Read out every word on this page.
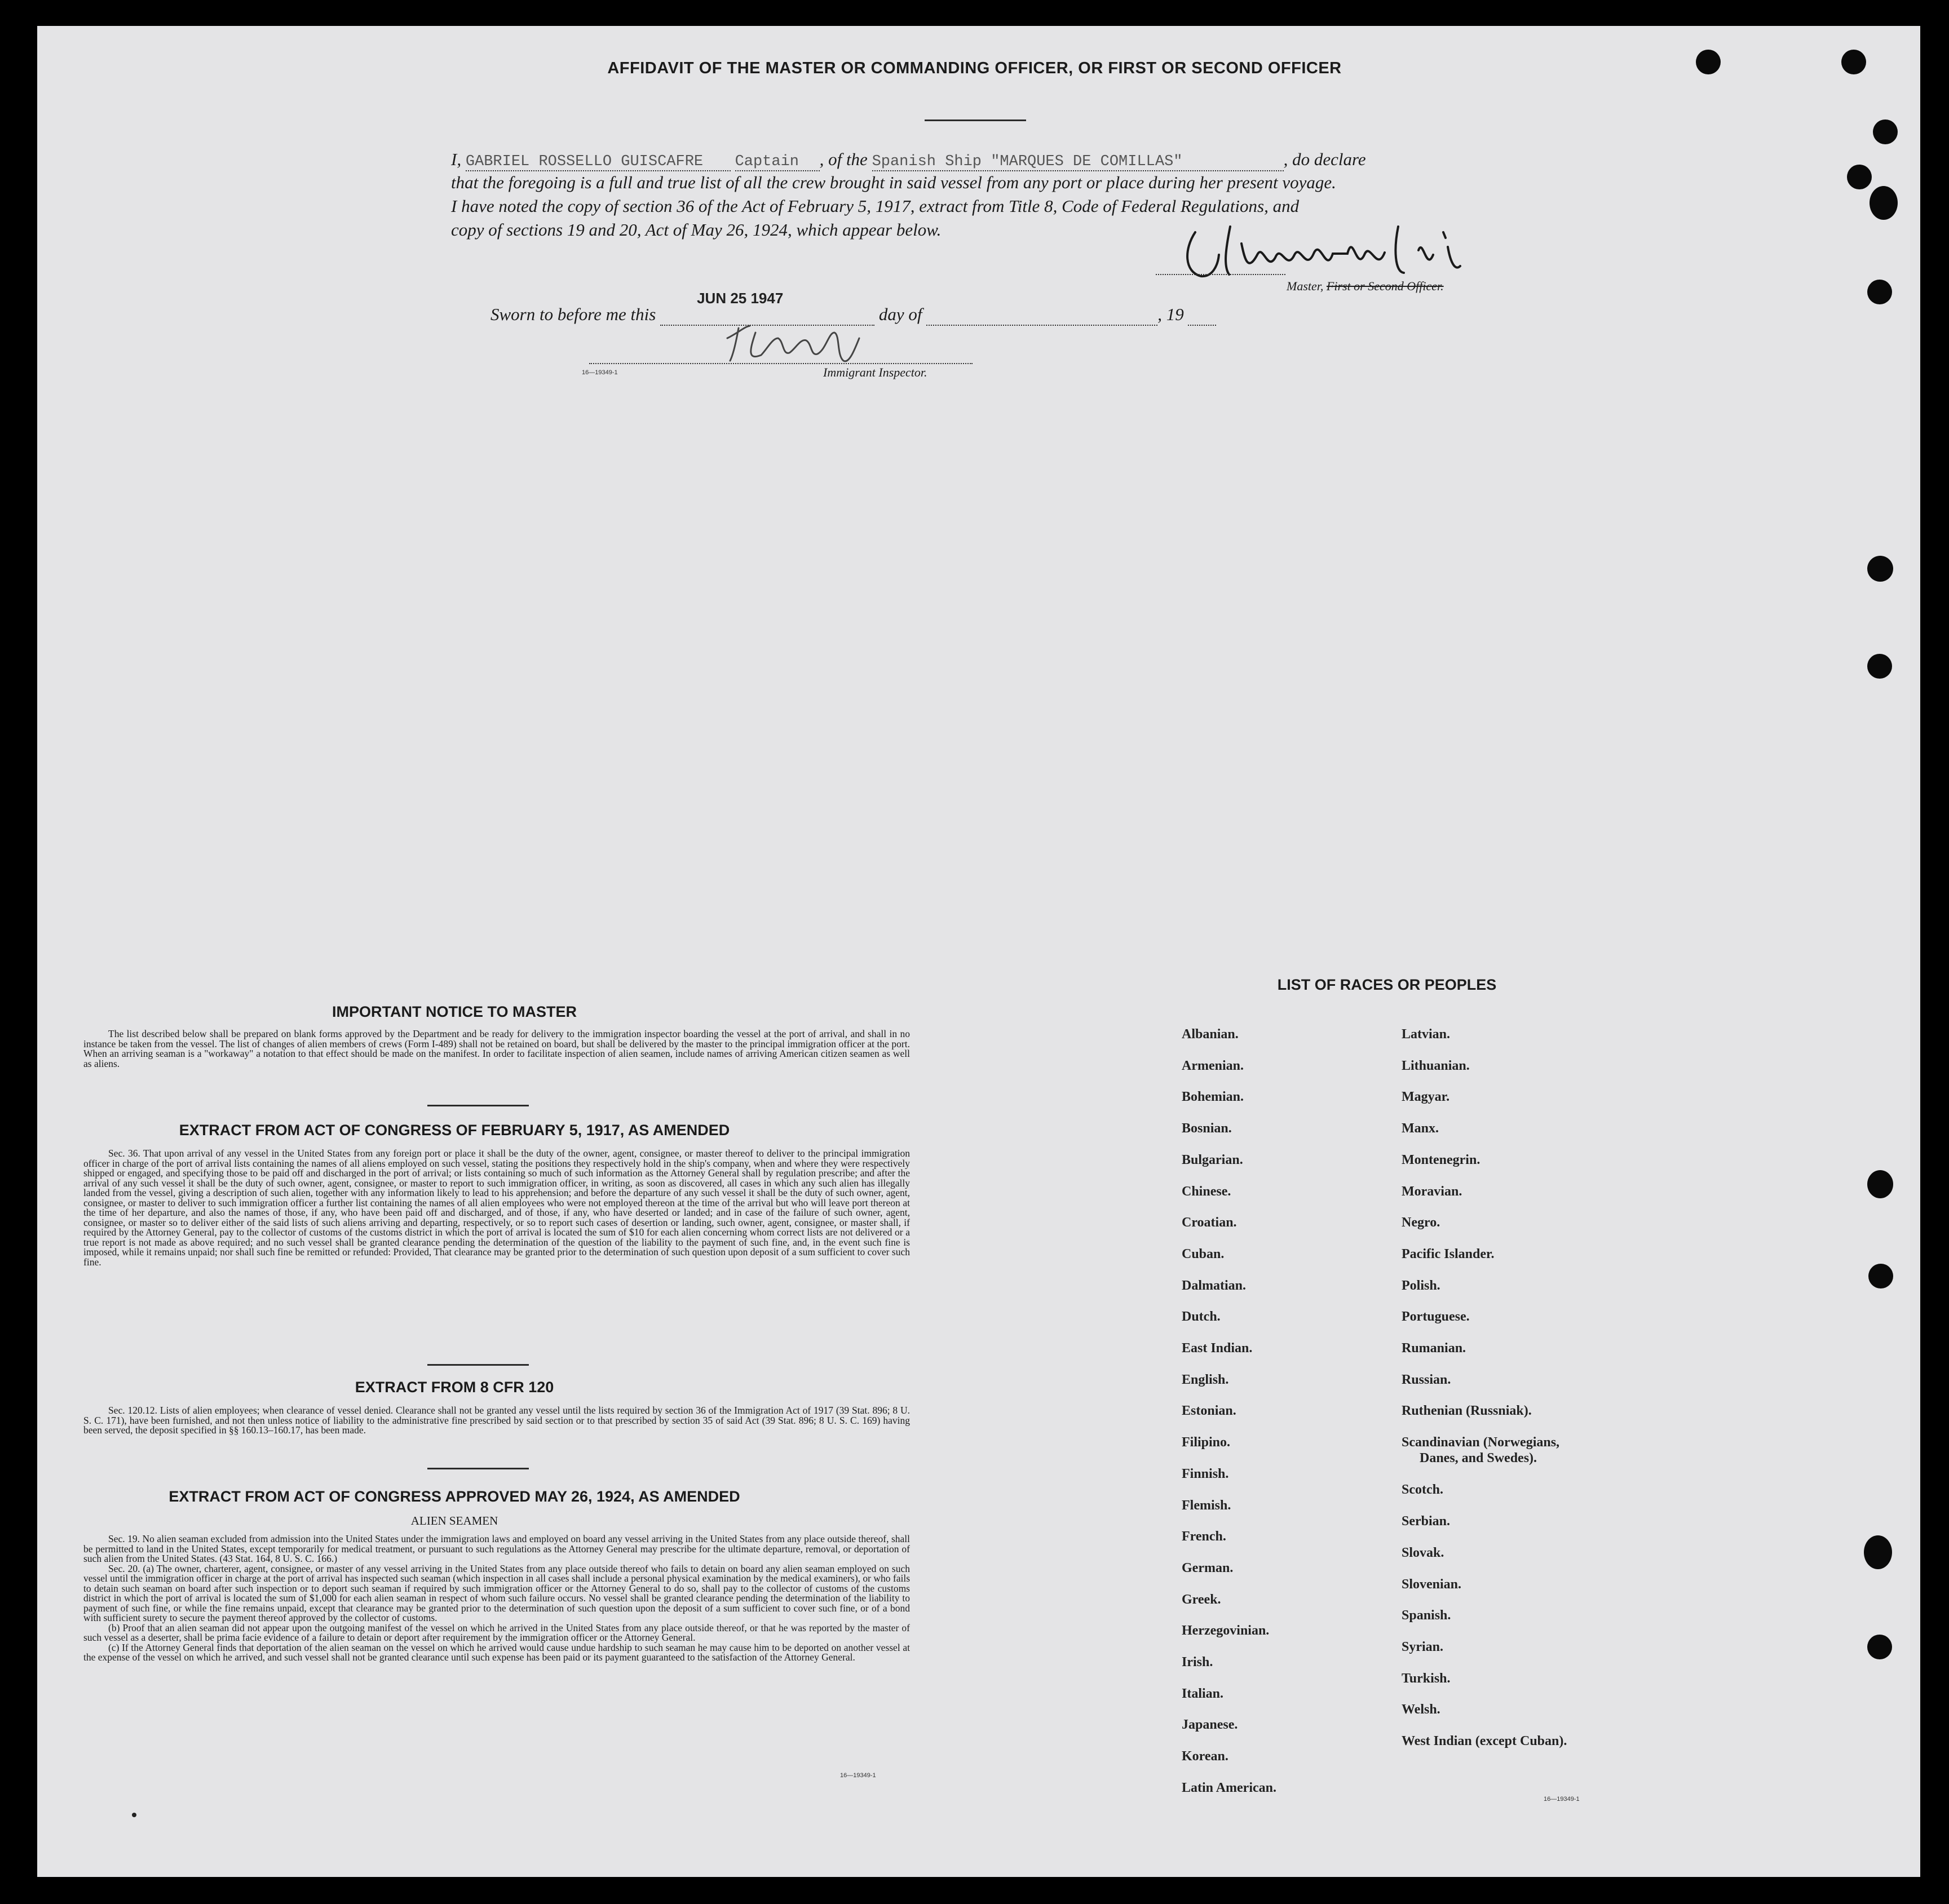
AFFIDAVIT OF THE MASTER OR COMMANDING OFFICER, OR FIRST OR SECOND OFFICER
I, GABRIEL ROSSELLO GUISCAFRE Captain , of the Spanish Ship "MARQUES DE COMILLAS"	, do declare
that the foregoing is a full and true list of all the crew brought in said vessel from any port or place during her present voyage.
I have noted the copy of section 36 of the Act of February 5, 1917, extract from Title 8, Code of Federal Regulations, and
copy of sections 19 and 20, Act of May 26, 1924, which appear below.
Master, First or Second Officer.
Sworn to before me this
JUN 25 1947
day of	, 19
Immigrant Inspector.
16—19349-1
IMPORTANT NOTICE TO MASTER

The list described below shall be prepared on blank forms approved by the Department and be ready for delivery to the immigration inspector boarding the vessel at the port of arrival, and shall in no instance be taken from the vessel. The list of changes of alien members of crews (Form I-489) shall not be retained on board, but shall be delivered by the master to the principal immigration officer at the port. When an arriving seaman is a "workaway" a notation to that effect should be made on the manifest. In order to facilitate inspection of alien seamen, include names of arriving American citizen seamen as well as aliens.

EXTRACT FROM ACT OF CONGRESS OF FEBRUARY 5, 1917, AS AMENDED

Sec. 36. That upon arrival of any vessel in the United States from any foreign port or place it shall be the duty of the owner, agent, consignee, or master thereof to deliver to the principal immigration officer in charge of the port of arrival lists containing the names of all aliens employed on such vessel, stating the positions they respectively hold in the ship's company, when and where they were respectively shipped or engaged, and specifying those to be paid off and discharged in the port of arrival; or lists containing so much of such information as the Attorney General shall by regulation prescribe; and after the arrival of any such vessel it shall be the duty of such owner, agent, consignee, or master to report to such immigration officer, in writing, as soon as discovered, all cases in which any such alien has illegally landed from the vessel, giving a description of such alien, together with any information likely to lead to his apprehension; and before the departure of any such vessel it shall be the duty of such owner, agent, consignee, or master to deliver to such immigration officer a further list containing the names of all alien employees who were not employed thereon at the time of the arrival but who will leave port thereon at the time of her departure, and also the names of those, if any, who have been paid off and discharged, and of those, if any, who have deserted or landed; and in case of the failure of such owner, agent, consignee, or master so to deliver either of the said lists of such aliens arriving and departing, respectively, or so to report such cases of desertion or landing, such owner, agent, consignee, or master shall, if required by the Attorney General, pay to the collector of customs of the customs district in which the port of arrival is located the sum of $10 for each alien concerning whom correct lists are not delivered or a true report is not made as above required; and no such vessel shall be granted clearance pending the determination of the question of the liability to the payment of such fine, and, in the event such fine is imposed, while it remains unpaid; nor shall such fine be remitted or refunded: Provided, That clearance may be granted prior to the determination of such question upon deposit of a sum sufficient to cover such fine.

EXTRACT FROM 8 CFR 120

Sec. 120.12. Lists of alien employees; when clearance of vessel denied. Clearance shall not be granted any vessel until the lists required by section 36 of the Immigration Act of 1917 (39 Stat. 896; 8 U. S. C. 171), have been furnished, and not then unless notice of liability to the administrative fine prescribed by said section or to that prescribed by section 35 of said Act (39 Stat. 896; 8 U. S. C. 169) having been served, the deposit specified in §§ 160.13–160.17, has been made.

EXTRACT FROM ACT OF CONGRESS APPROVED MAY 26, 1924, AS AMENDED
ALIEN SEAMEN

Sec. 19. No alien seaman excluded from admission into the United States under the immigration laws and employed on board any vessel arriving in the United States from any place outside thereof, shall be permitted to land in the United States, except temporarily for medical treatment, or pursuant to such regulations as the Attorney General may prescribe for the ultimate departure, removal, or deportation of such alien from the United States. (43 Stat. 164, 8 U. S. C. 166.)

Sec. 20. (a) The owner, charterer, agent, consignee, or master of any vessel arriving in the United States from any place outside thereof who fails to detain on board any alien seaman employed on such vessel until the immigration officer in charge at the port of arrival has inspected such seaman (which inspection in all cases shall include a personal physical examination by the medical examiners), or who fails to detain such seaman on board after such inspection or to deport such seaman if required by such immigration officer or the Attorney General to do so, shall pay to the collector of customs of the customs district in which the port of arrival is located the sum of $1,000 for each alien seaman in respect of whom such failure occurs. No vessel shall be granted clearance pending the determination of the liability to payment of such fine, or while the fine remains unpaid, except that clearance may be granted prior to the determination of such question upon the deposit of a sum sufficient to cover such fine, or of a bond with sufficient surety to secure the payment thereof approved by the collector of customs.

(b) Proof that an alien seaman did not appear upon the outgoing manifest of the vessel on which he arrived in the United States from any place outside thereof, or that he was reported by the master of such vessel as a deserter, shall be prima facie evidence of a failure to detain or deport after requirement by the immigration officer or the Attorney General.

(c) If the Attorney General finds that deportation of the alien seaman on the vessel on which he arrived would cause undue hardship to such seaman he may cause him to be deported on another vessel at the expense of the vessel on which he arrived, and such vessel shall not be granted clearance until such expense has been paid or its payment guaranteed to the satisfaction of the Attorney General.

16—19349-1
LIST OF RACES OR PEOPLES
Albanian.
Armenian.
Bohemian.
Bosnian.
Bulgarian.
Chinese.
Croatian.
Cuban.
Dalmatian.
Dutch.
East Indian.
English.
Estonian.
Filipino.
Finnish.
Flemish.
French.
German.
Greek.
Herzegovinian.
Irish.
Italian.
Japanese.
Korean.
Latin American.
Latvian.
Lithuanian.
Magyar.
Manx.
Montenegrin.
Moravian.
Negro.
Pacific Islander.
Polish.
Portuguese.
Rumanian.
Russian.
Ruthenian (Russniak).
Scandinavian (Norwegians,
Danes, and Swedes).
Scotch.
Serbian.
Slovak.
Slovenian.
Spanish.
Syrian.
Turkish.
Welsh.
West Indian (except Cuban).
16—19349-1
